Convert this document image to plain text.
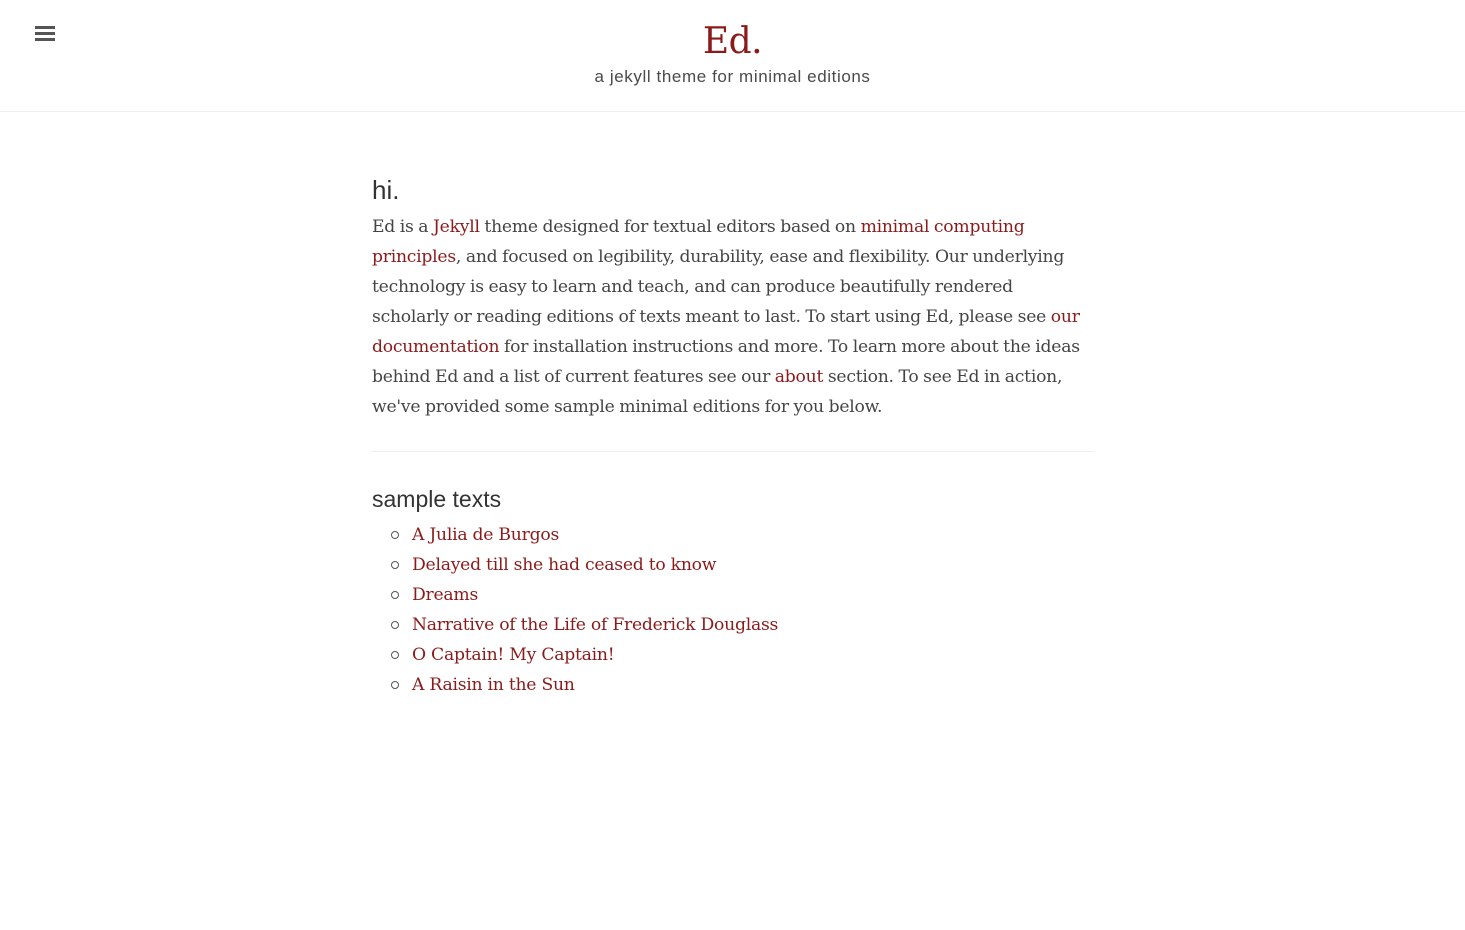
Ed.
a jekyll theme for minimal editions
hi.

Ed is a Jekyll theme designed for textual editors based on minimal computing principles, and focused on legibility, durability, ease and flexibility. Our underlying technology is easy to learn and teach, and can produce beautifully rendered scholarly or reading editions of texts meant to last. To start using Ed, please see our documentation for installation instructions and more. To learn more about the ideas behind Ed and a list of current features see our about section. To see Ed in action, we've provided some sample minimal editions for you below.

sample texts
A Julia de Burgos
Delayed till she had ceased to know
Dreams
Narrative of the Life of Frederick Douglass
O Captain! My Captain!
A Raisin in the Sun
